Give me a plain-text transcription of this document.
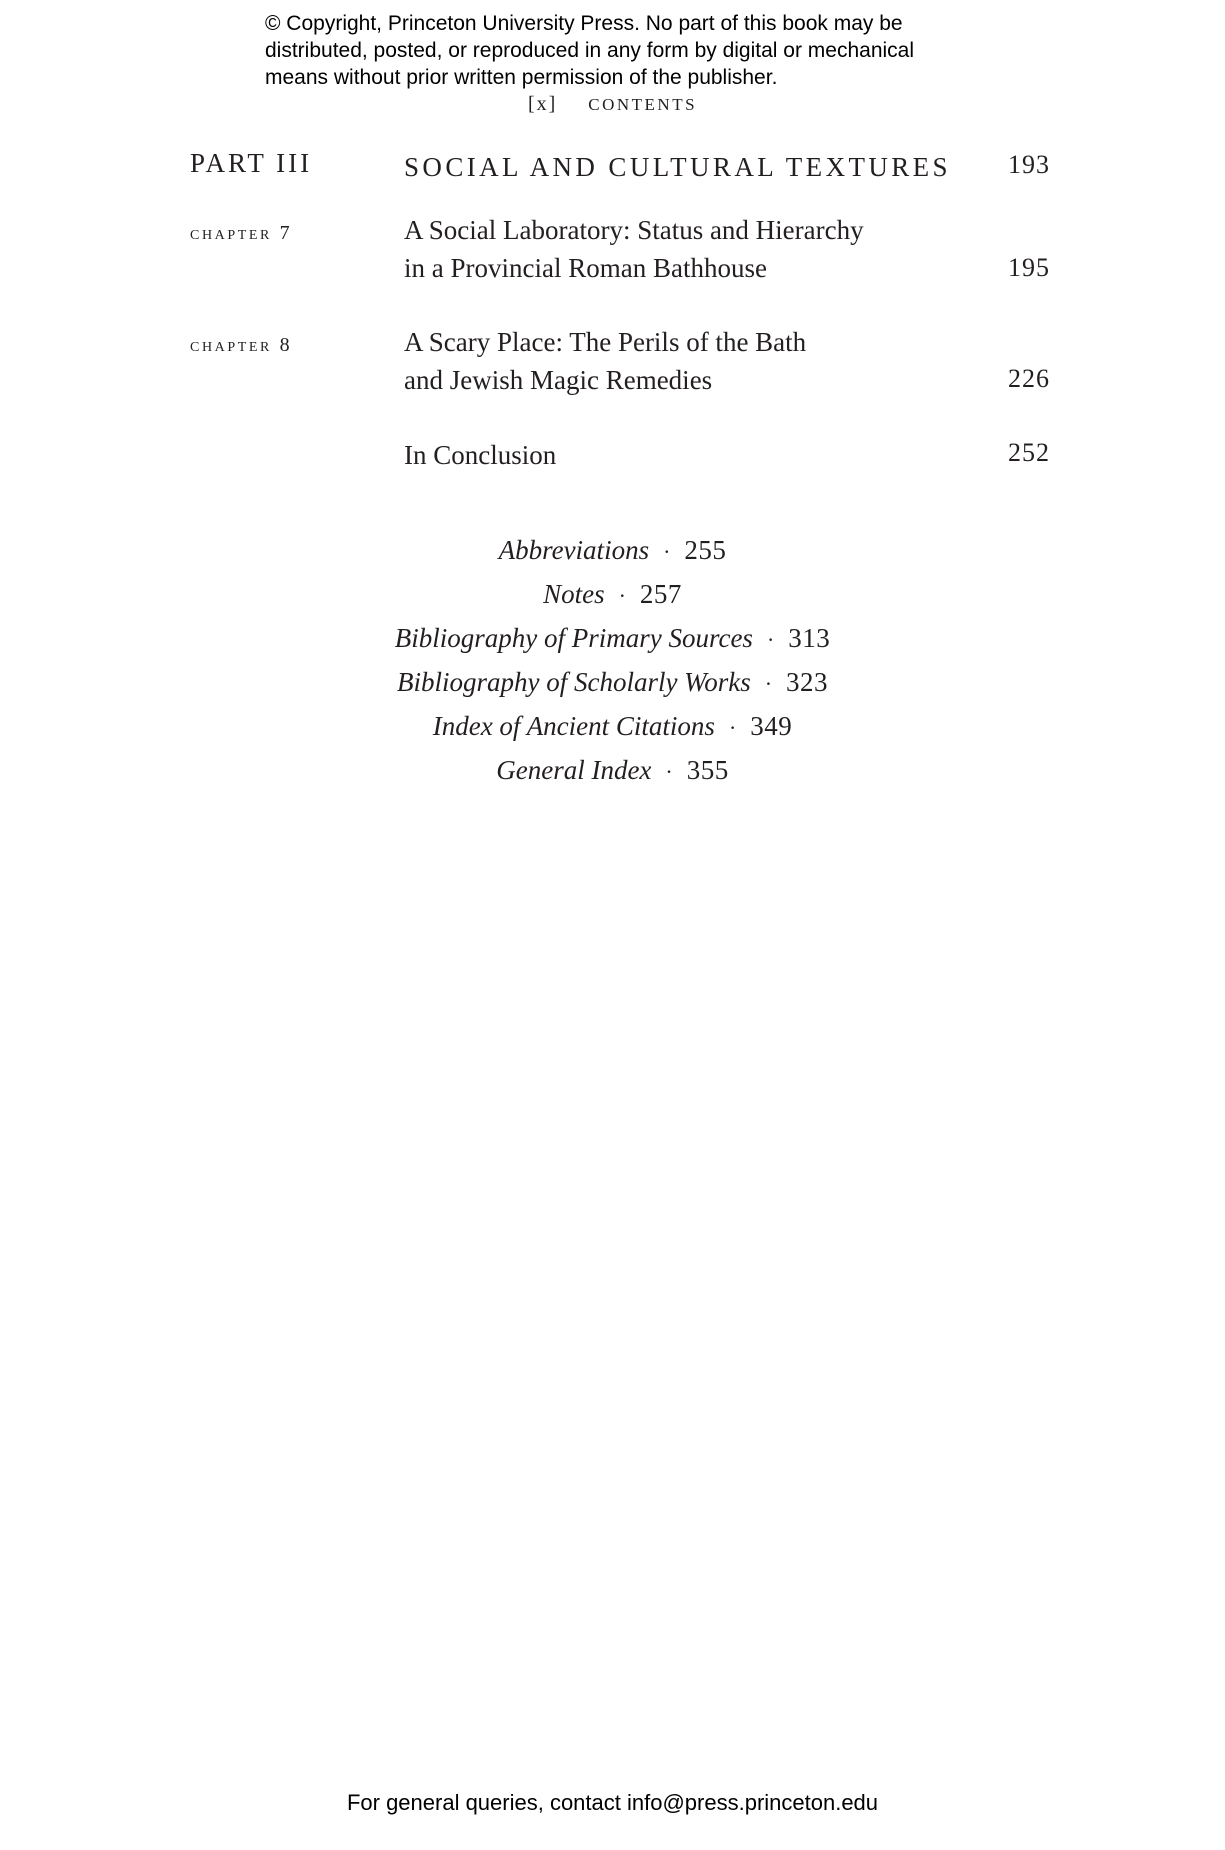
© Copyright, Princeton University Press. No part of this book may be
distributed, posted, or reproduced in any form by digital or mechanical
means without prior written permission of the publisher.
[x] CONTENTS
PART III	SOCIAL AND CULTURAL TEXTURES	193
chapter 7	A Social Laboratory: Status and Hierarchy
in a Provincial Roman Bathhouse	195
chapter 8	A Scary Place: The Perils of the Bath
and Jewish Magic Remedies	226
In Conclusion	252
Abbreviations · 255
Notes · 257
Bibliography of Primary Sources · 313
Bibliography of Scholarly Works · 323
Index of Ancient Citations · 349
General Index · 355
For general queries, contact info@press.princeton.edu
